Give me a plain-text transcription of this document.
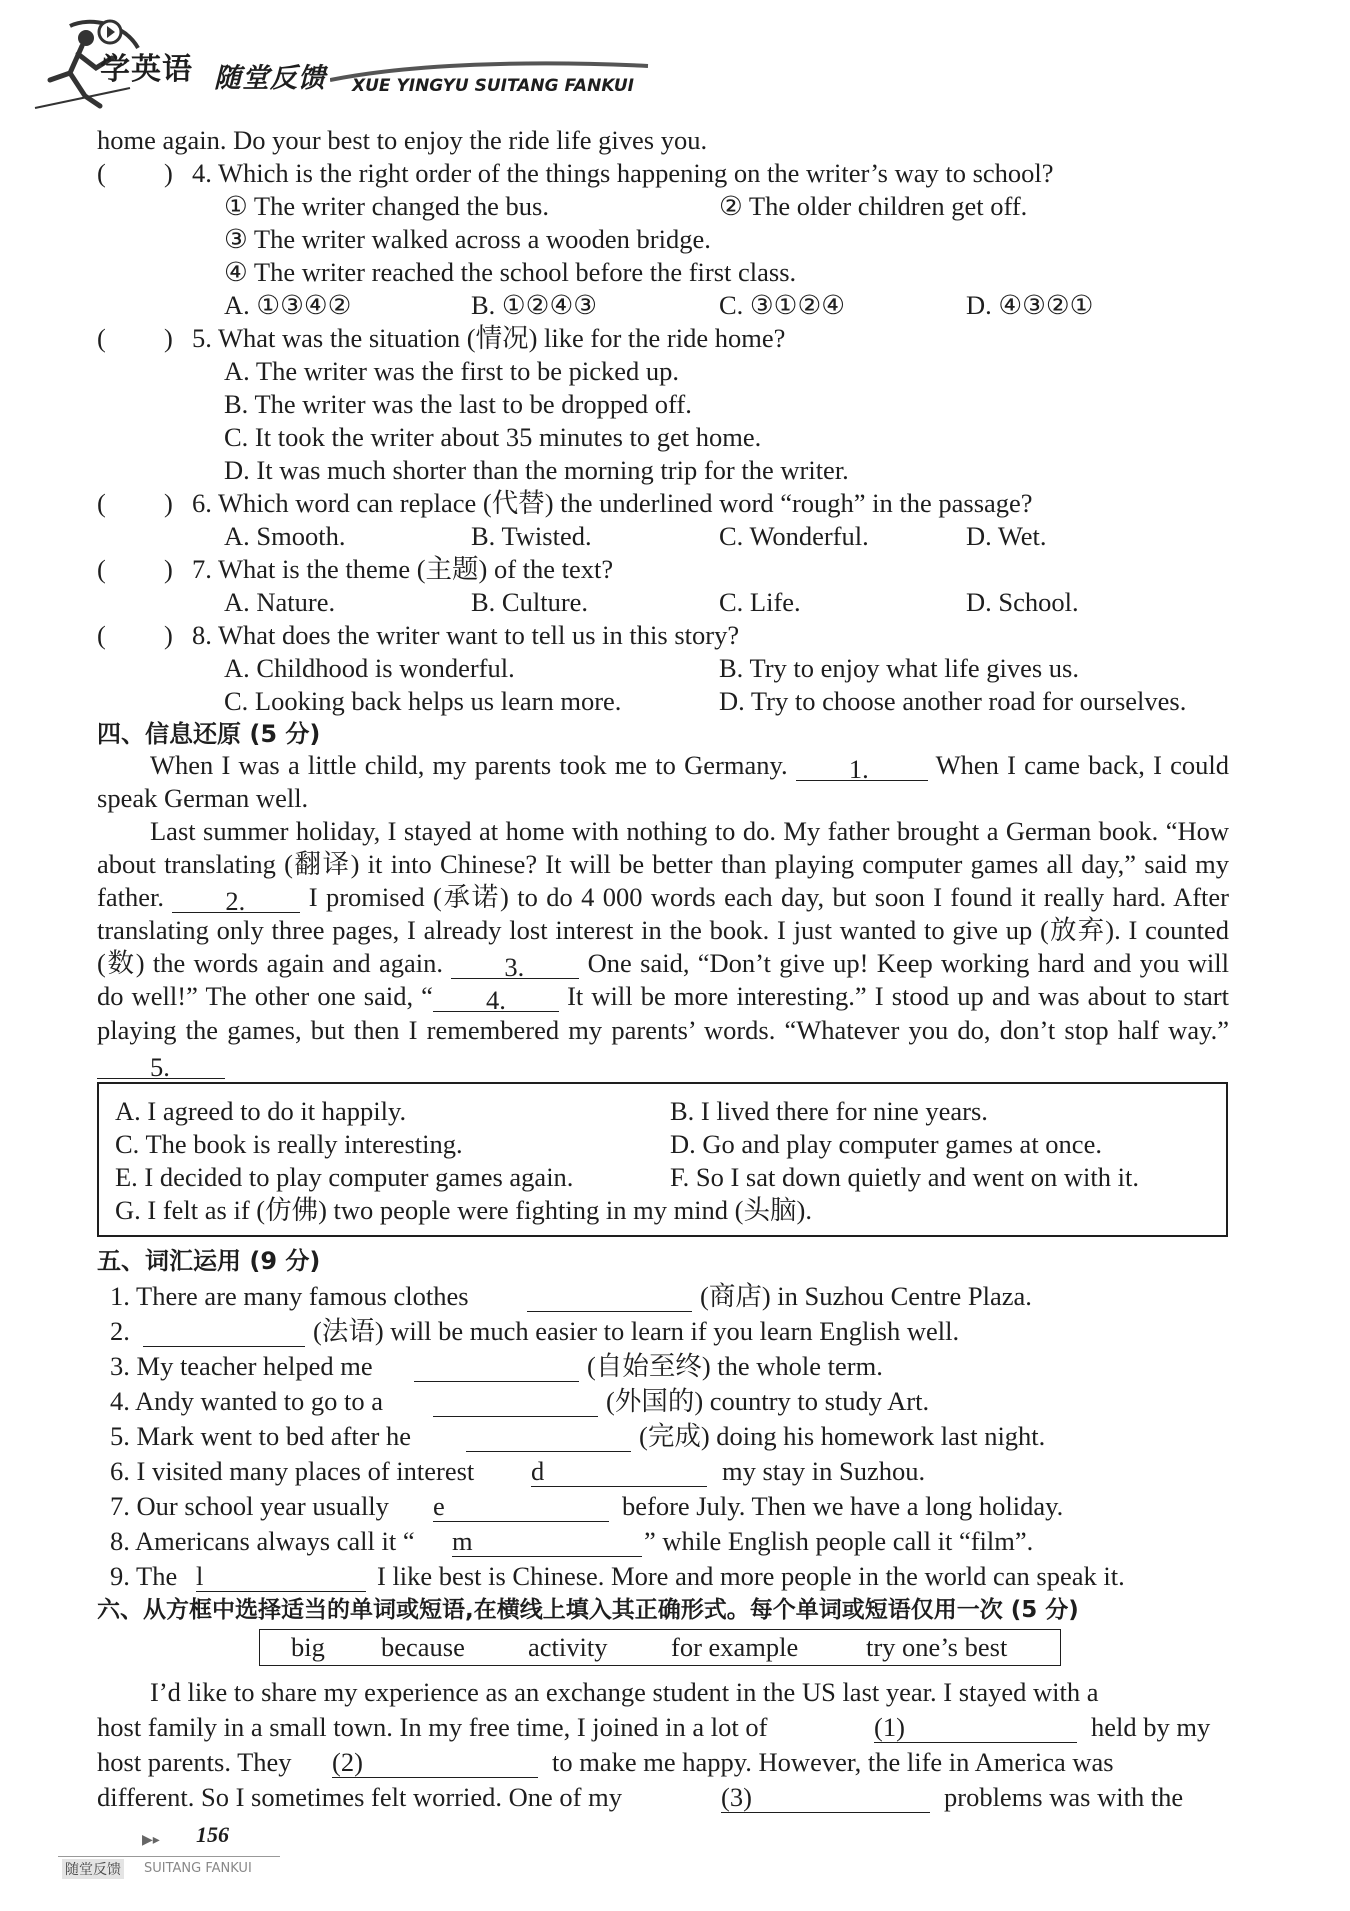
学英语 随堂反馈 XUE YINGYU SUITANG FANKUI
home again. Do your best to enjoy the ride life gives you.
( ) 4. Which is the right order of the things happening on the writer’s way to school?
① The writer changed the bus.	② The older children get off.
③ The writer walked across a wooden bridge.
④ The writer reached the school before the first class.
A. ①③④②	B. ①②④③	C. ③①②④	D. ④③②①
( ) 5. What was the situation (情况) like for the ride home?
A. The writer was the first to be picked up.
B. The writer was the last to be dropped off.
C. It took the writer about 35 minutes to get home.
D. It was much shorter than the morning trip for the writer.
( ) 6. Which word can replace (代替) the underlined word “rough” in the passage?
A. Smooth.	B. Twisted.	C. Wonderful.	D. Wet.
( ) 7. What is the theme (主题) of the text?
A. Nature.	B. Culture.	C. Life.	D. School.
( ) 8. What does the writer want to tell us in this story?
A. Childhood is wonderful.	B. Try to enjoy what life gives us.
C. Looking back helps us learn more.	D. Try to choose another road for ourselves.
四、信息还原 (5 分)
When I was a little child, my parents took me to Germany. 1.	When I came back, I could speak German well.
Last summer holiday, I stayed at home with nothing to do. My father brought a German book. “How about translating (翻译) it into Chinese? It will be better than playing computer games all day,” said my father. 2. I promised (承诺) to do 4 000 words each day, but soon I found it really hard. After translating only three pages, I already lost interest in the book. I just wanted to give up (放弃). I counted (数) the words again and again. 3. One said, “Don’t give up! Keep working hard and you will do well!” The other one said, “ 4. It will be more interesting.” I stood up and was about to start playing the games, but then I remembered my parents’ words. “Whatever you do, don’t stop half way.” 5.
A. I agreed to do it happily.	B. I lived there for nine years.
C. The book is really interesting.	D. Go and play computer games at once.
E. I decided to play computer games again.	F. So I sat down quietly and went on with it.
G. I felt as if (仿佛) two people were fighting in my mind (头脑).
五、词汇运用 (9 分)
1. There are many famous clothes	(商店) in Suzhou Centre Plaza.
2.	(法语) will be much easier to learn if you learn English well.
3. My teacher helped me	(自始至终) the whole term.
4. Andy wanted to go to a	(外国的) country to study Art.
5. Mark went to bed after he	(完成) doing his homework last night.
6. I visited many places of interest d	my stay in Suzhou.
7. Our school year usually e	before July. Then we have a long holiday.
8. Americans always call it “ m	” while English people call it “film”.
9. The l	I like best is Chinese. More and more people in the world can speak it.
六、从方框中选择适当的单词或短语,在横线上填入其正确形式。每个单词或短语仅用一次 (5 分)
big because activity for example	try one’s best
I’d like to share my experience as an exchange student in the US last year. I stayed with a
host family in a small town. In my free time, I joined in a lot of	(1)	held by my
host parents. They (2)	to make me happy. However, the life in America was
different. So I sometimes felt worried. One of my	(3)	problems was with the
▶▸ 156
随堂反馈 SUITANG FANKUI
